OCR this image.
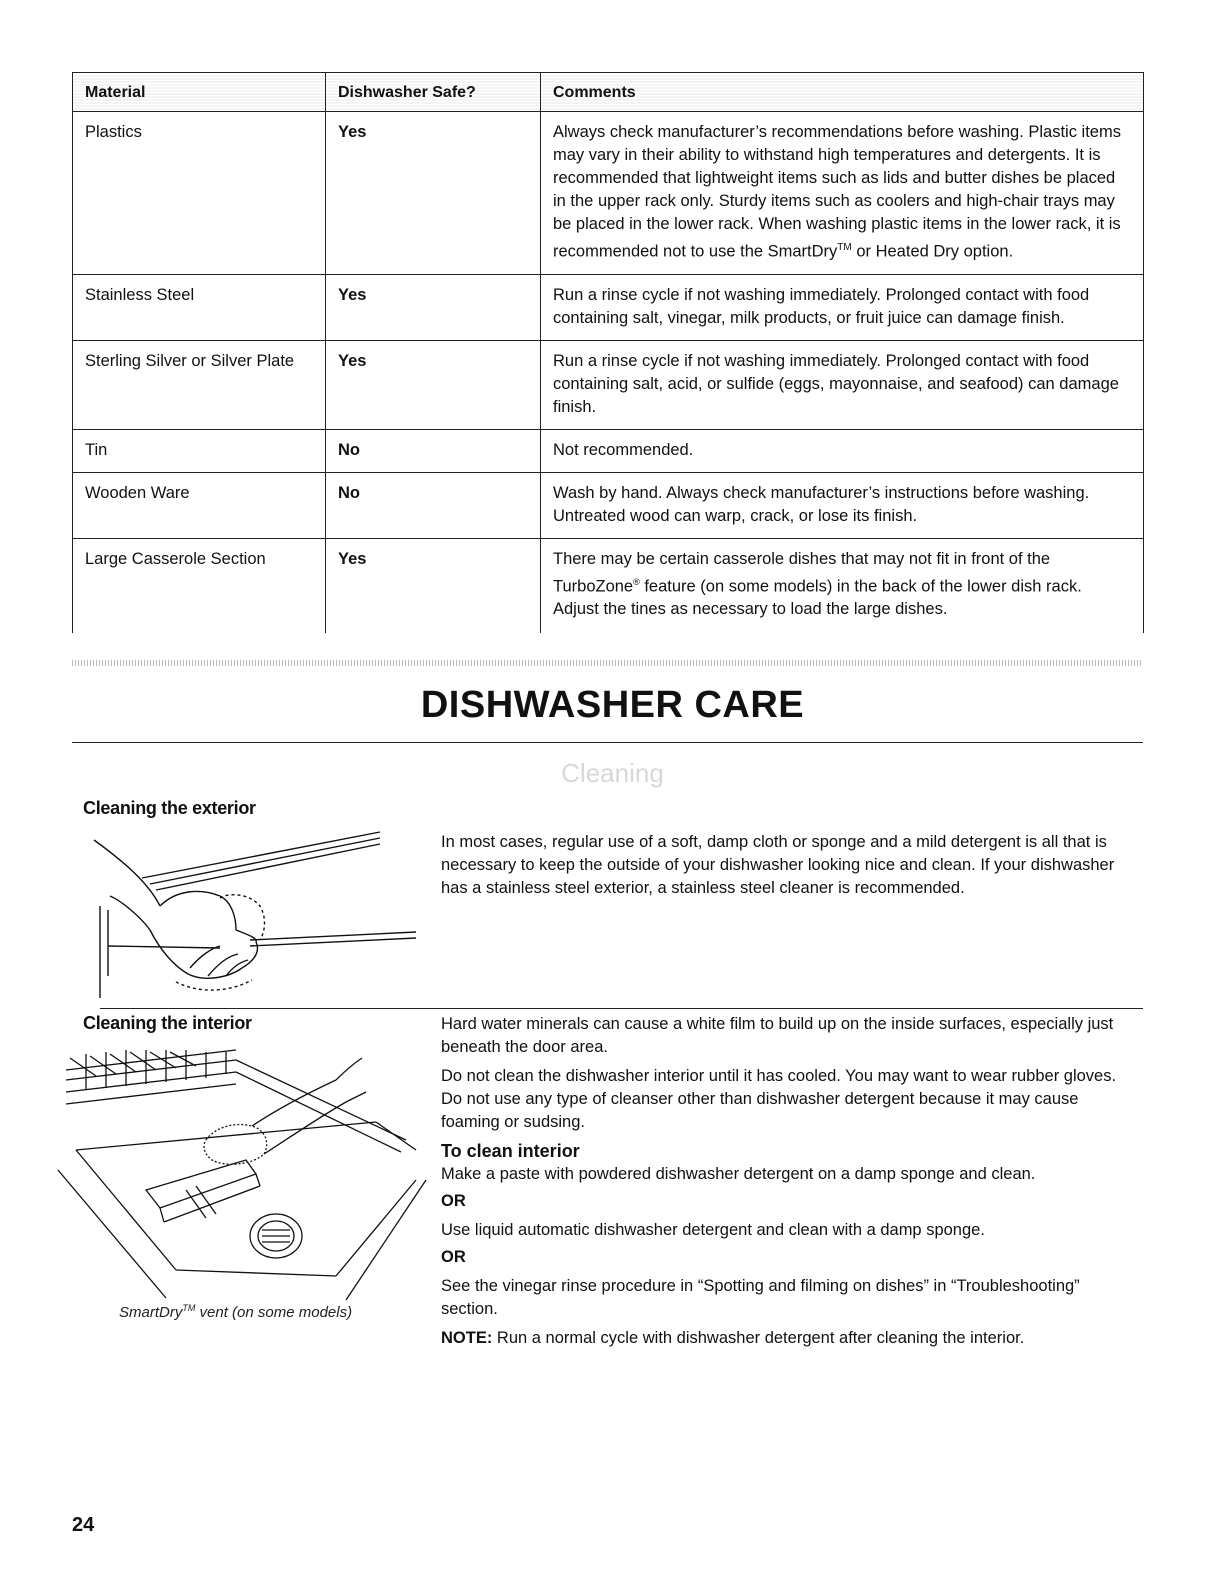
Material	Dishwasher Safe?	Comments
Plastics	Yes	Always check manufacturer’s recommendations before washing. Plastic items may vary in their ability to withstand high temperatures and detergents. It is recommended that lightweight items such as lids and butter dishes be placed in the upper rack only. Sturdy items such as coolers and high-chair trays may be placed in the lower rack. When washing plastic items in the lower rack, it is recommended not to use the SmartDry™ or Heated Dry option.
Stainless Steel	Yes	Run a rinse cycle if not washing immediately. Prolonged contact with food containing salt, vinegar, milk products, or fruit juice can damage finish.
Sterling Silver or Silver Plate	Yes	Run a rinse cycle if not washing immediately. Prolonged contact with food containing salt, acid, or sulfide (eggs, mayonnaise, and seafood) can damage finish.
Tin	No	Not recommended.
Wooden Ware	No	Wash by hand. Always check manufacturer’s instructions before washing. Untreated wood can warp, crack, or lose its finish.
Large Casserole Section	Yes	There may be certain casserole dishes that may not fit in front of the TurboZone® feature (on some models) in the back of the lower dish rack. Adjust the tines as necessary to load the large dishes.
DISHWASHER CARE
Cleaning
Cleaning the exterior

In most cases, regular use of a soft, damp cloth or sponge and a mild detergent is all that is necessary to keep the outside of your dishwasher looking nice and clean. If your dishwasher has a stainless steel exterior, a stainless steel cleaner is recommended.

Cleaning the interior

SmartDry™ vent (on some models)

Hard water minerals can cause a white film to build up on the inside surfaces, especially just beneath the door area.

Do not clean the dishwasher interior until it has cooled. You may want to wear rubber gloves. Do not use any type of cleanser other than dishwasher detergent because it may cause foaming or sudsing.

To clean interior

Make a paste with powdered dishwasher detergent on a damp sponge and clean.

OR

Use liquid automatic dishwasher detergent and clean with a damp sponge.

OR

See the vinegar rinse procedure in “Spotting and filming on dishes” in “Troubleshooting” section.

NOTE: Run a normal cycle with dishwasher detergent after cleaning the interior.

24
